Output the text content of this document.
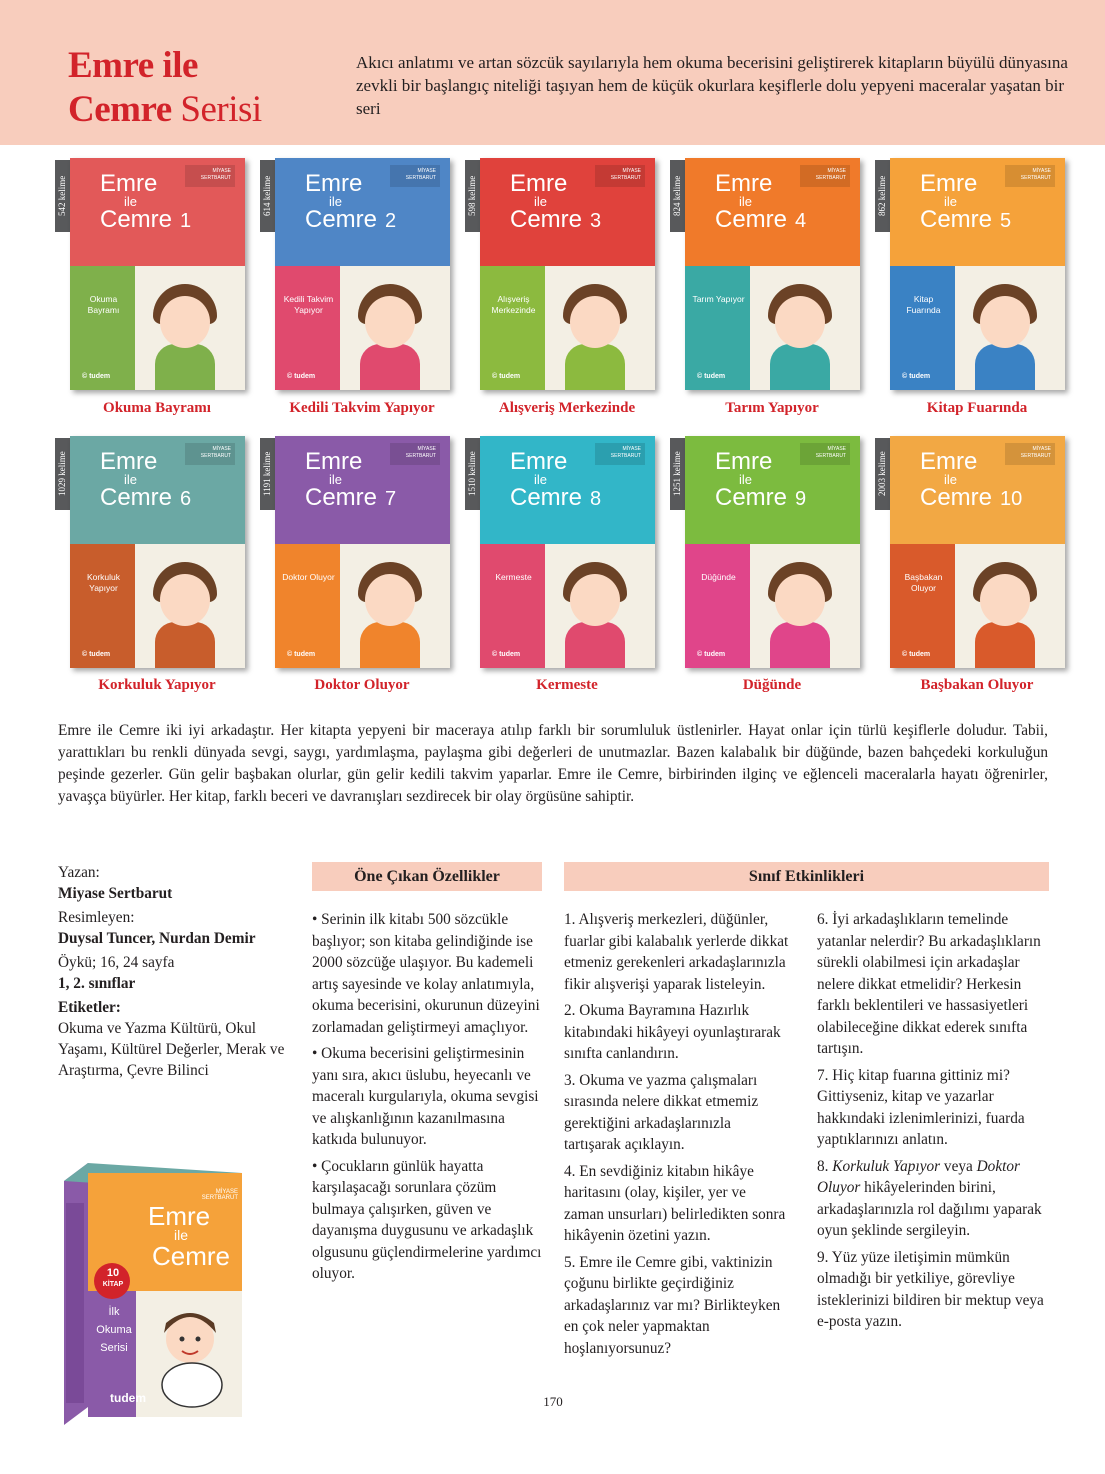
Emre ile
Cemre Serisi
Akıcı anlatımı ve artan sözcük sayılarıyla hem okuma becerisini geliştirerek kitapların büyülü dünyasına zevkli bir başlangıç niteliği taşıyan hem de küçük okurlara keşiflerle dolu yepyeni maceralar yaşatan bir seri
542 kelime
MİYASE SERTBARUT
Emre
ile
Cemre 1
Okuma Bayramı
© tudem
Okuma Bayramı
614 kelime
MİYASE SERTBARUT
Emre
ile
Cemre 2
Kedili Takvim Yapıyor
© tudem
Kedili Takvim Yapıyor
598 kelime
MİYASE SERTBARUT
Emre
ile
Cemre 3
Alışveriş Merkezinde
© tudem
Alışveriş Merkezinde
824 kelime
MİYASE SERTBARUT
Emre
ile
Cemre 4
Tarım Yapıyor
© tudem
Tarım Yapıyor
862 kelime
MİYASE SERTBARUT
Emre
ile
Cemre 5
Kitap Fuarında
© tudem
Kitap Fuarında
1029 kelime
MİYASE SERTBARUT
Emre
ile
Cemre 6
Korkuluk Yapıyor
© tudem
Korkuluk Yapıyor
1191 kelime
MİYASE SERTBARUT
Emre
ile
Cemre 7
Doktor Oluyor
© tudem
Doktor Oluyor
1510 kelime
MİYASE SERTBARUT
Emre
ile
Cemre 8
Kermeste
© tudem
Kermeste
1251 kelime
MİYASE SERTBARUT
Emre
ile
Cemre 9
Düğünde
© tudem
Düğünde
2003 kelime
MİYASE SERTBARUT
Emre
ile
Cemre 10
Başbakan Oluyor
© tudem
Başbakan Oluyor
Emre ile Cemre iki iyi arkadaştır. Her kitapta yepyeni bir maceraya atılıp farklı bir sorumluluk üstlenirler. Hayat onlar için türlü keşiflerle doludur. Tabii, yarattıkları bu renkli dünyada sevgi, saygı, yardımlaşma, paylaşma gibi değerleri de unutmazlar. Bazen kalabalık bir düğünde, bazen bahçedeki korkuluğun peşinde gezerler. Gün gelir başbakan olurlar, gün gelir kedili takvim yaparlar. Emre ile Cemre, birbirinden ilginç ve eğlenceli maceralarla hayatı öğrenirler, yavaşça büyürler. Her kitap, farklı beceri ve davranışları sezdirecek bir olay örgüsüne sahiptir.

Yazan:

Miyase Sertbarut

Resimleyen:

Duysal Tuncer, Nurdan Demir

Öykü; 16, 24 sayfa

1, 2. sınıflar

Etiketler:

Okuma ve Yazma Kültürü, Okul Yaşamı, Kültürel Değerler, Merak ve Araştırma, Çevre Bilinci

MİYASE SERTBARUT
Emre
ile
Cemre
10
KİTAP
İlk
Okuma
Serisi
tudem
Öne Çıkan Özellikler

• Serinin ilk kitabı 500 sözcükle başlıyor; son kitaba gelindiğinde ise 2000 sözcüğe ulaşıyor. Bu kademeli artış sayesinde ve kolay anlatımıyla, okuma becerisini, okurunun düzeyini zorlamadan geliştirmeyi amaçlıyor.

• Okuma becerisini geliştirmesinin yanı sıra, akıcı üslubu, heyecanlı ve maceralı kurgularıyla, okuma sevgisi ve alışkanlığının kazanılmasına katkıda bulunuyor.

• Çocukların günlük hayatta karşılaşacağı sorunlara çözüm bulmaya çalışırken, güven ve dayanışma duygusunu ve arkadaşlık olgusunu güçlendirmelerine yardımcı oluyor.

Sınıf Etkinlikleri

1. Alışveriş merkezleri, düğünler, fuarlar gibi kalabalık yerlerde dikkat etmeniz gerekenleri arkadaşlarınızla fikir alışverişi yaparak listeleyin.

2. Okuma Bayramına Hazırlık kitabındaki hikâyeyi oyunlaştırarak sınıfta canlandırın.

3. Okuma ve yazma çalışmaları sırasında nelere dikkat etmemiz gerektiğini arkadaşlarınızla tartışarak açıklayın.

4. En sevdiğiniz kitabın hikâye haritasını (olay, kişiler, yer ve zaman unsurları) belirledikten sonra hikâyenin özetini yazın.

5. Emre ile Cemre gibi, vaktinizin çoğunu birlikte geçirdiğiniz arkadaşlarınız var mı? Birlikteyken en çok neler yapmaktan hoşlanıyorsunuz?

6. İyi arkadaşlıkların temelinde yatanlar nelerdir? Bu arkadaşlıkların sürekli olabilmesi için arkadaşlar nelere dikkat etmelidir? Herkesin farklı beklentileri ve hassasiyetleri olabileceğine dikkat ederek sınıfta tartışın.

7. Hiç kitap fuarına gittiniz mi? Gittiyseniz, kitap ve yazarlar hakkındaki izlenimlerinizi, fuarda yaptıklarınızı anlatın.

8. Korkuluk Yapıyor veya Doktor Oluyor hikâyelerinden birini, arkadaşlarınızla rol dağılımı yaparak oyun şeklinde sergileyin.

9. Yüz yüze iletişimin mümkün olmadığı bir yetkiliye, görevliye isteklerinizi bildiren bir mektup veya e-posta yazın.

170
